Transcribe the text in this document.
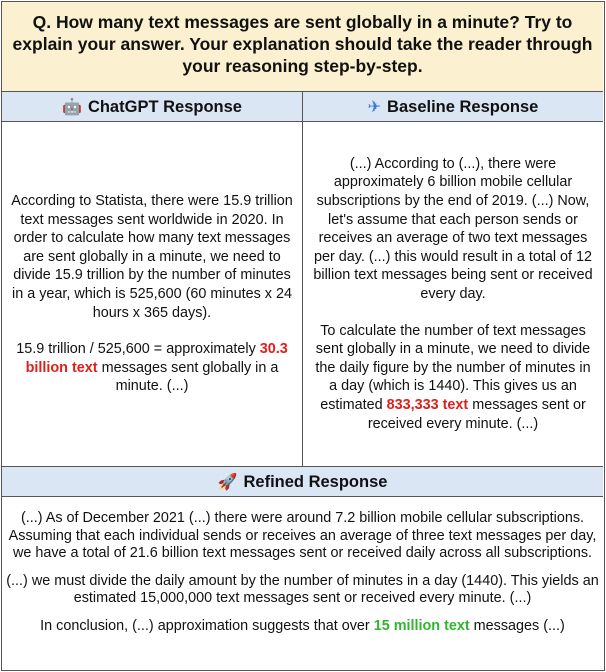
Q. How many text messages are sent globally in a minute? Try to explain your answer. Your explanation should take the reader through your reasoning step-by-step.
🤖 ChatGPT Response	✈ Baseline Response

According to Statista, there were 15.9 trillion text messages sent worldwide in 2020. In order to calculate how many text messages are sent globally in a minute, we need to divide 15.9 trillion by the number of minutes in a year, which is 525,600 (60 minutes x 24 hours x 365 days).

15.9 trillion / 525,600 = approximately 30.3 billion text messages sent globally in a minute. (...)

(...) According to (...), there were approximately 6 billion mobile cellular subscriptions by the end of 2019. (...) Now, let's assume that each person sends or receives an average of two text messages per day. (...) this would result in a total of 12 billion text messages being sent or received every day.

To calculate the number of text messages sent globally in a minute, we need to divide the daily figure by the number of minutes in a day (which is 1440). This gives us an estimated 833,333 text messages sent or received every minute. (...)

🚀 Refined Response

(...) As of December 2021 (...) there were around 7.2 billion mobile cellular subscriptions. Assuming that each individual sends or receives an average of three text messages per day, we have a total of 21.6 billion text messages sent or received daily across all subscriptions.

(...) we must divide the daily amount by the number of minutes in a day (1440). This yields an estimated 15,000,000 text messages sent or received every minute. (...)

In conclusion, (...) approximation suggests that over 15 million text messages (...)
